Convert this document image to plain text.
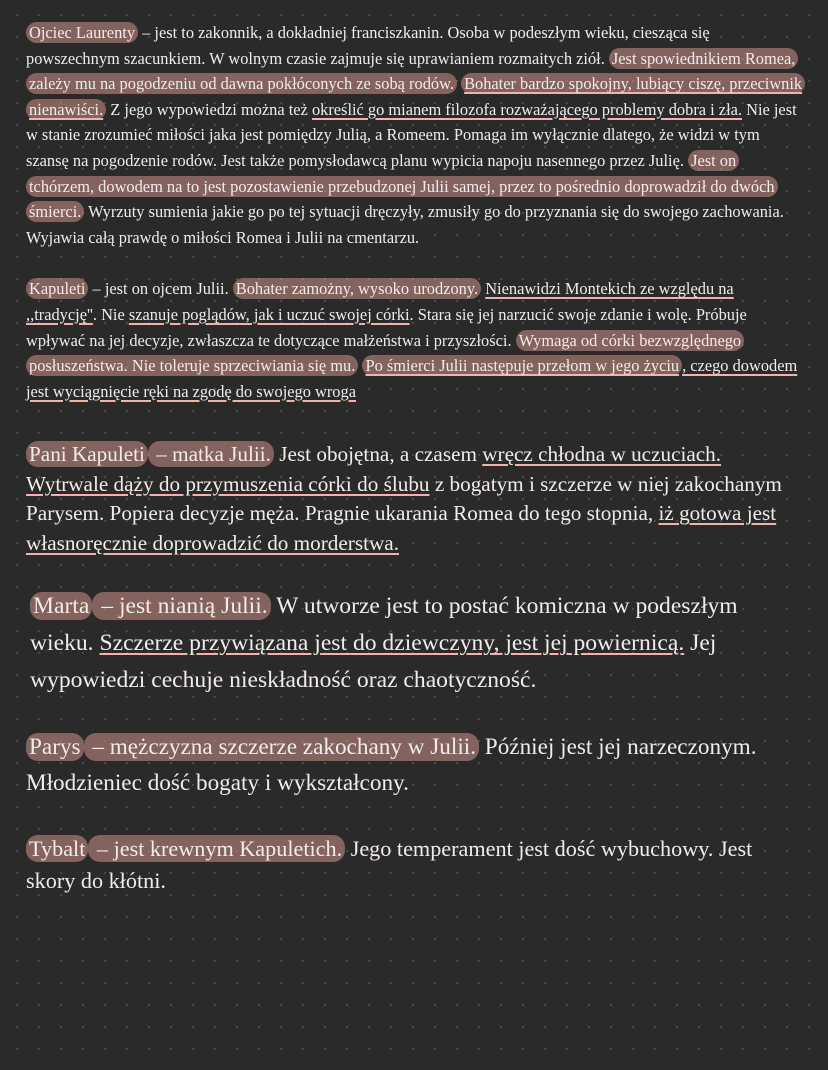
Ojciec Laurenty – jest to zakonnik, a dokładniej franciszkanin. Osoba w podeszłym wieku, ciesząca się powszechnym szacunkiem. W wolnym czasie zajmuje się uprawianiem rozmaitych ziół. Jest spowiednikiem Romea, zależy mu na pogodzeniu od dawna pokłóconych ze sobą rodów. Bohater bardzo spokojny, lubiący ciszę, przeciwnik nienawiści. Z jego wypowiedzi można też określić go mianem filozofa rozważającego problemy dobra i zła. Nie jest w stanie zrozumieć miłości jaka jest pomiędzy Julią, a Romeem. Pomaga im wyłącznie dlatego, że widzi w tym szansę na pogodzenie rodów. Jest także pomysłodawcą planu wypicia napoju nasennego przez Julię. Jest on tchórzem, dowodem na to jest pozostawienie przebudzonej Julii samej, przez to pośrednio doprowadził do dwóch śmierci. Wyrzuty sumienia jakie go po tej sytuacji dręczyły, zmusiły go do przyznania się do swojego zachowania. Wyjawia całą prawdę o miłości Romea i Julii na cmentarzu.

Kapuleti – jest on ojcem Julii. Bohater zamożny, wysoko urodzony. Nienawidzi Montekich ze względu na ,,tradycję''. Nie szanuje poglądów, jak i uczuć swojej córki. Stara się jej narzucić swoje zdanie i wolę. Próbuje wpływać na jej decyzje, zwłaszcza te dotyczące małżeństwa i przyszłości. Wymaga od córki bezwzględnego posłuszeństwa. Nie toleruje sprzeciwiania się mu. Po śmierci Julii następuje przełom w jego życiu , czego dowodem jest wyciągnięcie ręki na zgodę do swojego wroga

Pani Kapuleti – matka Julii. Jest obojętna, a czasem wręcz chłodna w uczuciach. Wytrwale dąży do przymuszenia córki do ślubu z bogatym i szczerze w niej zakochanym Parysem. Popiera decyzje męża. Pragnie ukarania Romea do tego stopnia, iż gotowa jest własnoręcznie doprowadzić do morderstwa.

Marta – jest nianią Julii. W utworze jest to postać komiczna w podeszłym wieku. Szczerze przywiązana jest do dziewczyny, jest jej powiernicą. Jej wypowiedzi cechuje nieskładność oraz chaotyczność.

Parys – mężczyzna szczerze zakochany w Julii. Później jest jej narzeczonym. Młodzieniec dość bogaty i wykształcony.

Tybalt – jest krewnym Kapuletich. Jego temperament jest dość wybuchowy. Jest skory do kłótni.
